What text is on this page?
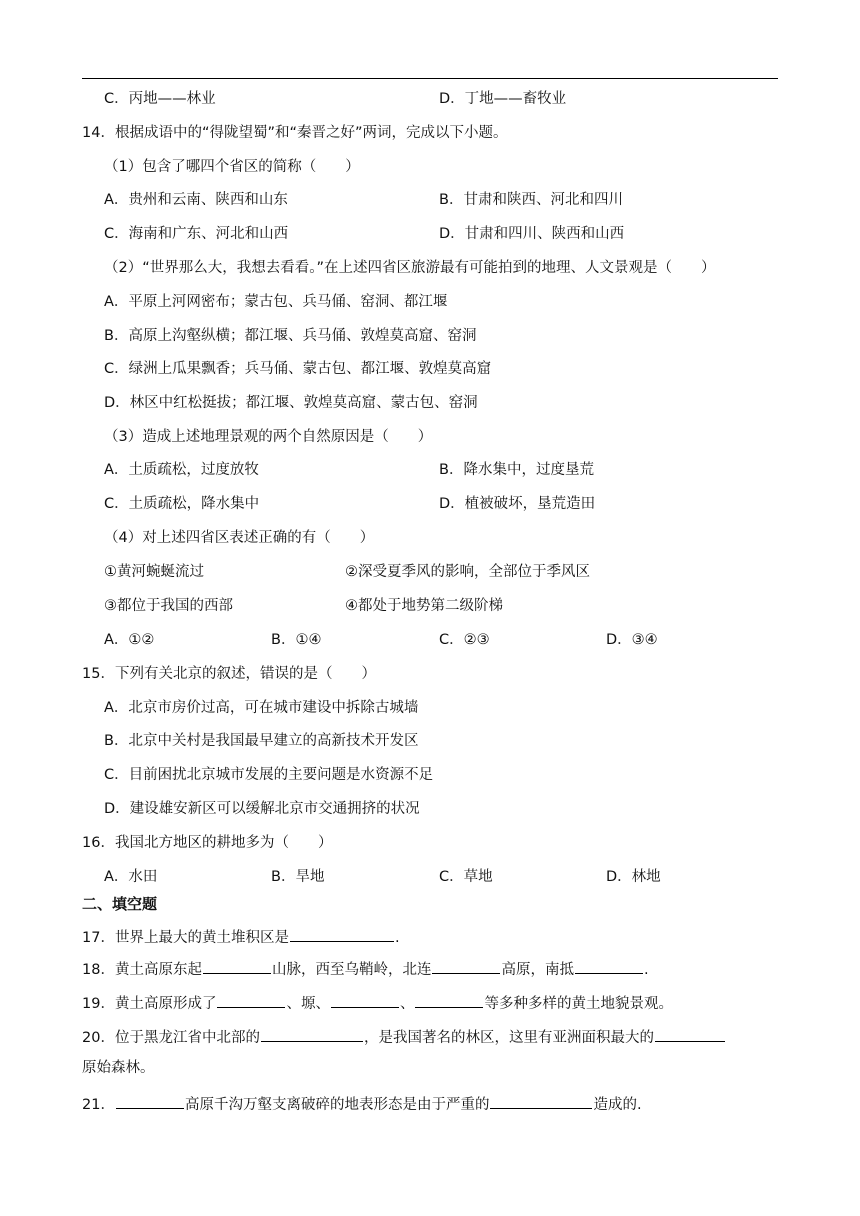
C．丙地——林业	D．丁地——畜牧业
14．根据成语中的“得陇望蜀”和“秦晋之好”两词，完成以下小题。
（1）包含了哪四个省区的简称（　　）
A．贵州和云南、陕西和山东	B．甘肃和陕西、河北和四川
C．海南和广东、河北和山西	D．甘肃和四川、陕西和山西
（2）“世界那么大，我想去看看。”在上述四省区旅游最有可能拍到的地理、人文景观是（　　）
A．平原上河网密布；蒙古包、兵马俑、窑洞、都江堰
B．高原上沟壑纵横；都江堰、兵马俑、敦煌莫高窟、窑洞
C．绿洲上瓜果飘香；兵马俑、蒙古包、都江堰、敦煌莫高窟
D．林区中红松挺拔；都江堰、敦煌莫高窟、蒙古包、窑洞
（3）造成上述地理景观的两个自然原因是（　　）
A．土质疏松，过度放牧	B．降水集中，过度垦荒
C．土质疏松，降水集中	D．植被破坏，垦荒造田
（4）对上述四省区表述正确的有（　　）
①黄河蜿蜒流过	②深受夏季风的影响，全部位于季风区
③都位于我国的西部	④都处于地势第二级阶梯
A．①②	B．①④	C．②③	D．③④
15．下列有关北京的叙述，错误的是（　　）
A．北京市房价过高，可在城市建设中拆除古城墙
B．北京中关村是我国最早建立的高新技术开发区
C．目前困扰北京城市发展的主要问题是水资源不足
D．建设雄安新区可以缓解北京市交通拥挤的状况
16．我国北方地区的耕地多为（　　）
A．水田	B．旱地	C．草地	D．林地
二、填空题
17．世界上最大的黄土堆积区是	.
18．黄土高原东起	山脉，西至乌鞘岭，北连	高原，南抵	.
19．黄土高原形成了	、塬、	、	等多种多样的黄土地貌景观。
20．位于黑龙江省中北部的	，是我国著名的林区，这里有亚洲面积最大的
原始森林。
21．	高原千沟万壑支离破碎的地表形态是由于严重的	造成的.
